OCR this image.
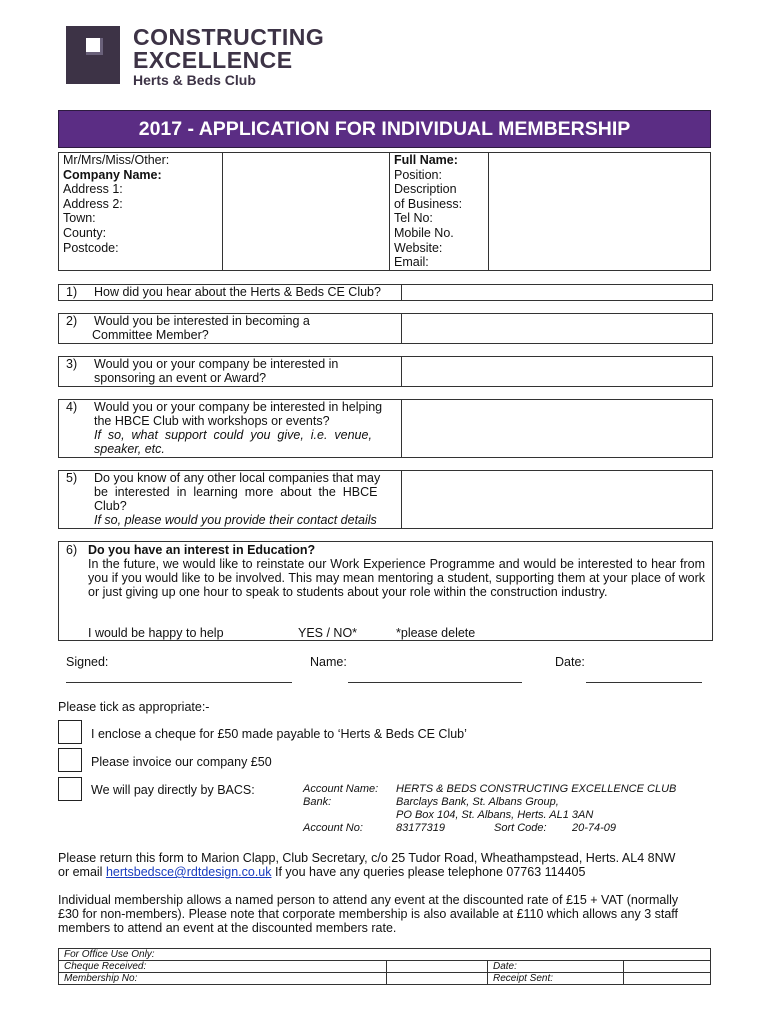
CONSTRUCTING
EXCELLENCE
Herts & Beds Club
2017 - APPLICATION FOR INDIVIDUAL MEMBERSHIP
Mr/Mrs/Miss/Other:
Company Name:
Address 1:
Address 2:
Town:
County:
Postcode:

Full Name:
Position:
Description
of Business:
Tel No:
Mobile No.
Website:
Email:

1) How did you hear about the Herts & Beds CE Club?
2) Would you be interested in becoming a
Committee Member?
3) Would you or your company be interested in
sponsoring an event or Award?
4) Would you or your company be interested in helping
the HBCE Club with workshops or events?
If  so,  what  support  could  you  give,  i.e.  venue,
speaker, etc.
5) Do you know of any other local companies that may
be  interested  in  learning  more  about  the  HBCE
Club?
If so, please would you provide their contact details
6) Do you have an interest in Education?
In the future, we would like to reinstate our Work Experience Programme and would be interested to hear from you if you would like to be involved. This may mean mentoring a student, supporting them at your place of work or just giving up one hour to speak to students about your role within the construction industry.
I would be happy to help	YES / NO*	*please delete
Signed:	Name:	Date:
Please tick as appropriate:-
I enclose a cheque for £50 made payable to ‘Herts & Beds CE Club’
Please invoice our company £50
We will pay directly by BACS:	Account Name: HERTS & BEDS CONSTRUCTING EXCELLENCE CLUB
Bank:	Barclays Bank, St. Albans Group,
PO Box 104, St. Albans, Herts. AL1 3AN
Account No:	83177319	Sort Code: 20-74-09
Please return this form to Marion Clapp, Club Secretary, c/o 25 Tudor Road, Wheathampstead, Herts. AL4 8NW
or email hertsbedsce@rdtdesign.co.uk If you have any queries please telephone 07763 114405
Individual membership allows a named person to attend any event at the discounted rate of £15 + VAT (normally
£30 for non-members). Please note that corporate membership is also available at £110 which allows any 3 staff
members to attend an event at the discounted members rate.
For Office Use Only:			
Cheque Received:		Date:	
Membership No:		Receipt Sent:	
